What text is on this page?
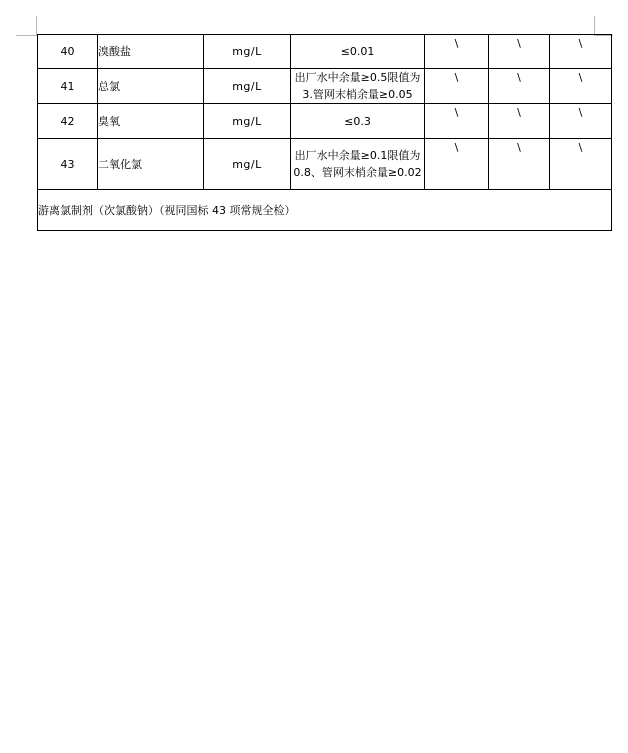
40	溴酸盐	mg/L	≤0.01	\	\	\
41	总氯	mg/L	出厂水中余量≥0.5限值为3.管网末梢余量≥0.05	\	\	\
42	臭氧	mg/L	≤0.3	\	\	\
43	二氧化氯	mg/L	出厂水中余量≥0.1限值为0.8、管网末梢余量≥0.02	\	\	\
游离氯制剂（次氯酸钠）（视同国标 43 项常规全检）						
